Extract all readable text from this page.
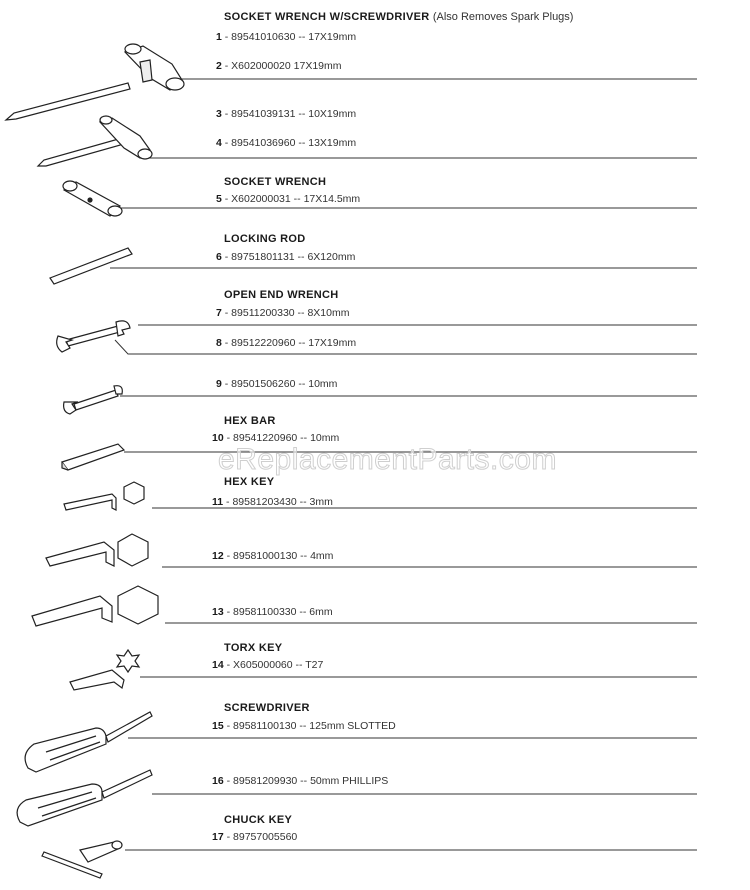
SOCKET WRENCH W/SCREWDRIVER (Also Removes Spark Plugs)
1 - 89541010630 -- 17X19mm
2 - X602000020 17X19mm
3 - 89541039131 -- 10X19mm
4 - 89541036960 -- 13X19mm
SOCKET WRENCH
5 - X602000031 -- 17X14.5mm
LOCKING ROD
6 - 89751801131 -- 6X120mm
OPEN END WRENCH
7 - 89511200330 -- 8X10mm
8 - 89512220960 -- 17X19mm
9 - 89501506260 -- 10mm
HEX BAR
10 - 89541220960 -- 10mm
HEX KEY
11 - 89581203430 -- 3mm
12 - 89581000130 -- 4mm
13 - 89581100330 -- 6mm
TORX KEY
14 - X605000060 -- T27
SCREWDRIVER
15 - 89581100130 -- 125mm SLOTTED
16 - 89581209930 -- 50mm PHILLIPS
CHUCK KEY
17 - 89757005560
eReplacementParts.com
